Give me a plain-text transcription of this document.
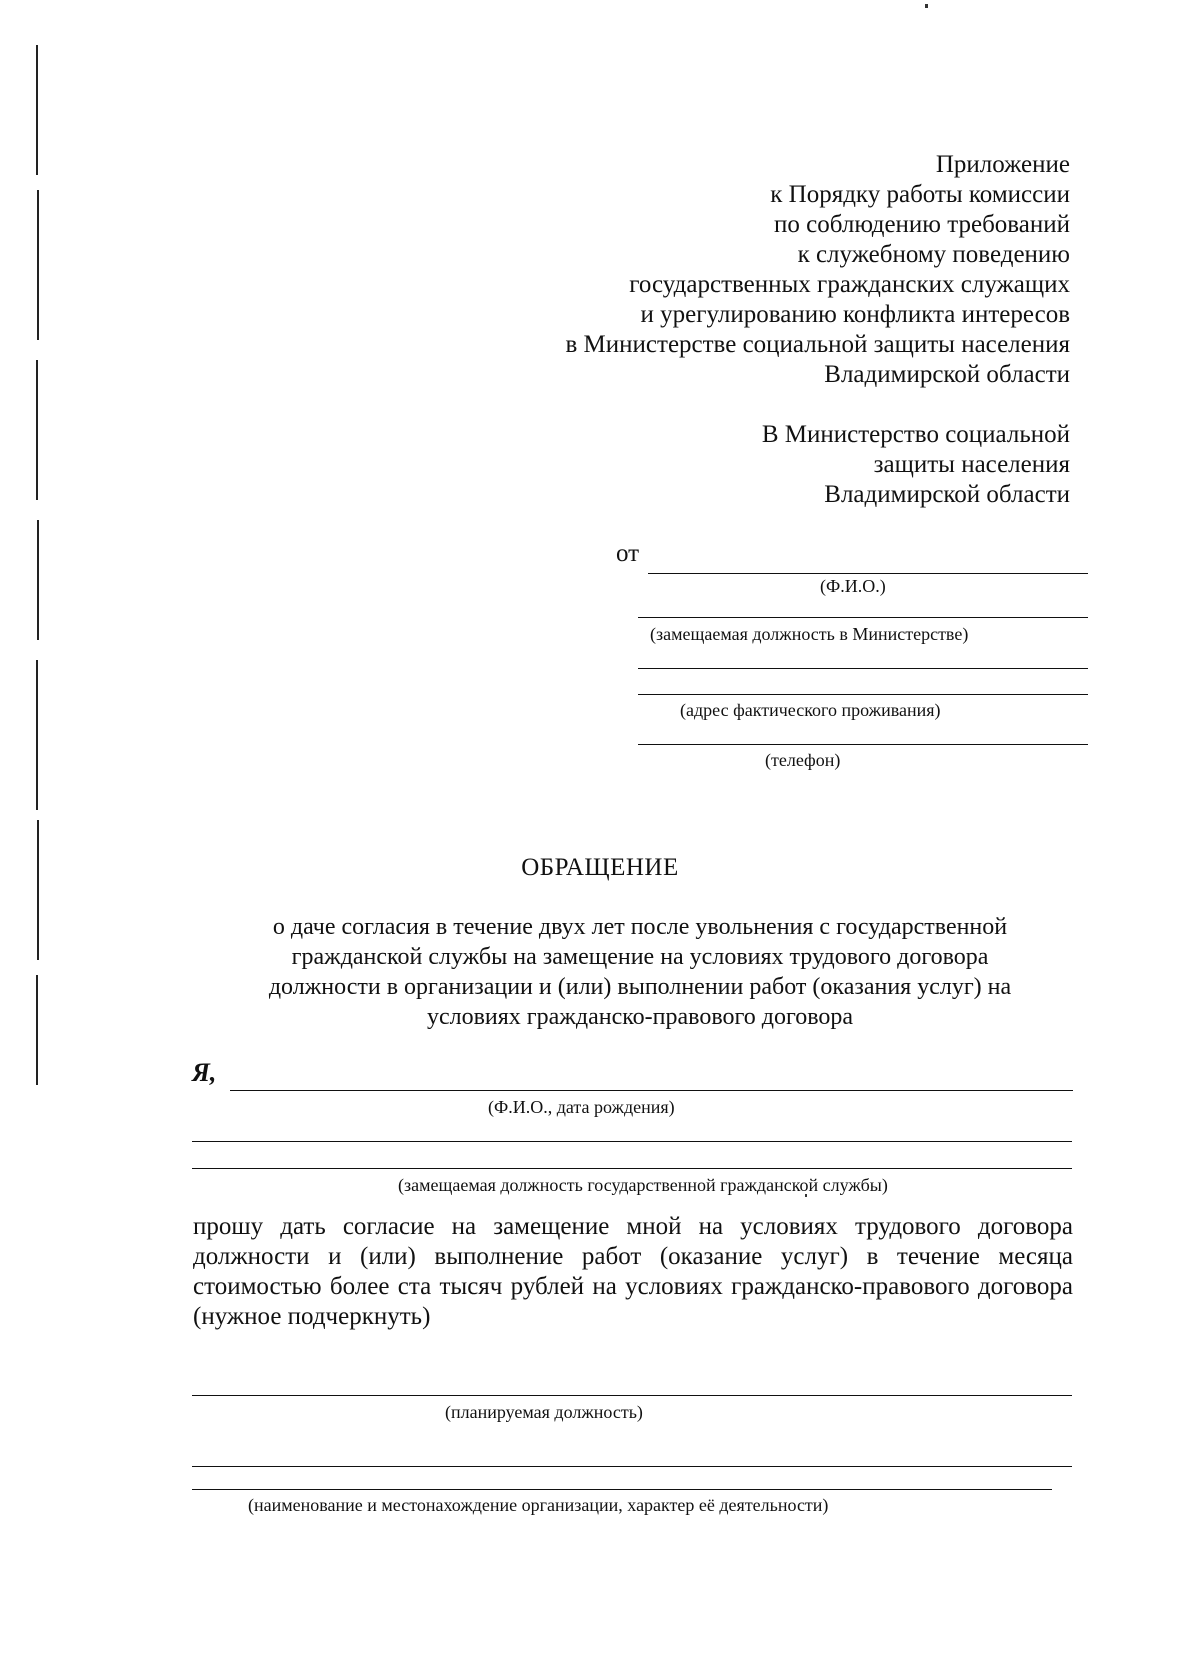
Приложение
к Порядку работы комиссии
по соблюдению требований
к служебному поведению
государственных гражданских служащих
и урегулированию конфликта интересов
в Министерстве социальной защиты населения
Владимирской области
В Министерство социальной
защиты населения
Владимирской области
от
(Ф.И.О.)
(замещаемая должность в Министерстве)
(адрес фактического проживания)
(телефон)
ОБРАЩЕНИЕ
о даче согласия в течение двух лет после увольнения с государственной
гражданской службы на замещение на условиях трудового договора
должности в организации и (или) выполнении работ (оказания услуг) на
условиях гражданско-правового договора
Я,
(Ф.И.О., дата рождения)
(замещаемая должность государственной гражданской службы)
прошу дать согласие на замещение мной на условиях трудового договора должности и (или) выполнение работ (оказание услуг) в течение месяца стоимостью более ста тысяч рублей на условиях гражданско-правового договора (нужное подчеркнуть)
(планируемая должность)
(наименование и местонахождение организации, характер её деятельности)
